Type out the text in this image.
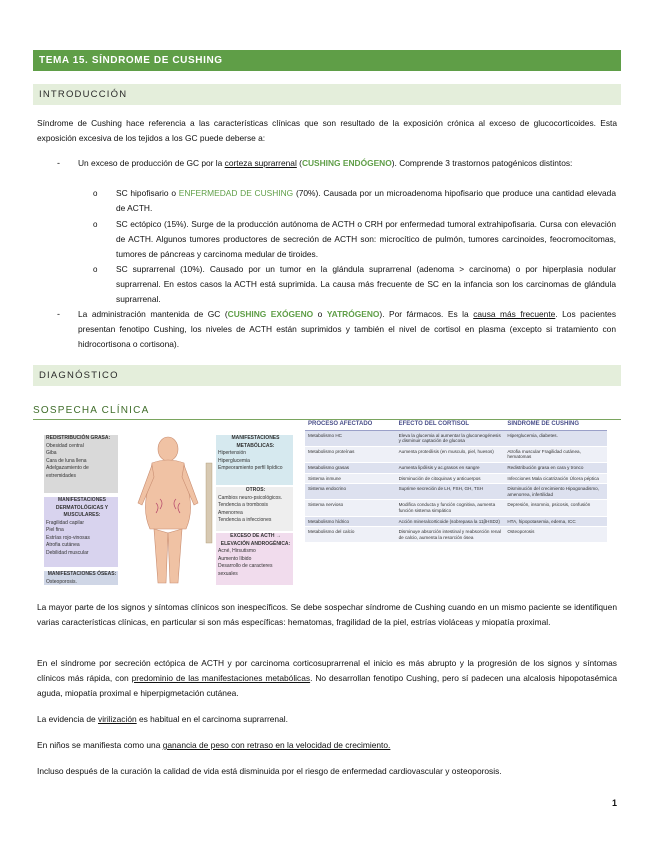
TEMA 15. SÍNDROME DE CUSHING
INTRODUCCIÓN

Síndrome de Cushing hace referencia a las características clínicas que son resultado de la exposición crónica al exceso de glucocorticoides. Esta exposición excesiva de los tejidos a los GC puede deberse a:

- Un exceso de producción de GC por la corteza suprarrenal (CUSHING ENDÓGENO). Comprende 3 trastornos patogénicos distintos:

o SC hipofisario o ENFERMEDAD DE CUSHING (70%). Causada por un microadenoma hipofisario que produce una cantidad elevada de ACTH.

o SC ectópico (15%). Surge de la producción autónoma de ACTH o CRH por enfermedad tumoral extrahipofisaria. Cursa con elevación de ACTH. Algunos tumores productores de secreción de ACTH son: microcítico de pulmón, tumores carcinoides, feocromocitomas, tumores de páncreas y carcinoma medular de tiroides.

o SC suprarrenal (10%). Causado por un tumor en la glándula suprarrenal (adenoma > carcinoma) o por hiperplasia nodular suprarrenal. En estos casos la ACTH está suprimida. La causa más frecuente de SC en la infancia son los carcinomas de glándula suprarrenal.

- La administración mantenida de GC (CUSHING EXÓGENO o YATRÓGENO). Por fármacos. Es la causa más frecuente. Los pacientes presentan fenotipo Cushing, los niveles de ACTH están suprimidos y también el nivel de cortisol en plasma (excepto si tratamiento con hidrocortisona o cortisona).

DIAGNÓSTICO
SOSPECHA CLÍNICA
REDISTRIBUCIÓN GRASA:
Obesidad central
Giba
Cara de luna llena
Adelgazamiento de extremidades
MANIFESTACIONES DERMATOLÓGICAS Y MUSCULARES:
Fragilidad capilar
Piel fina
Estrías rojo-vinosas
Atrofia cutánea
Debilidad muscular
MANIFESTACIONES ÓSEAS:
Osteoporosis.
MANIFESTACIONES METABÓLICAS:
Hipertensión
Hiperglucemia
Empeoramiento perfil lipídico
OTROS:
Cambios neuro-psicológicos.
Tendencia a trombosis
Amenorrea
Tendencia a infecciones
EXCESO DE ACTH → ELEVACIÓN ANDROGÉNICA:
Acné, Hirsutismo
Aumento líbido
Desarrollo de caracteres sexuales
PROCESO AFECTADO	EFECTO DEL CORTISOL	SINDROME DE CUSHING
Metabolismo HC	Eleva la glucemia al aumentar la gluconeogénesis y disminuir captación de glucosa	Hiperglucemia, diabetes.
Metabolismo proteínas	Aumenta proteólisis (en musculo, piel, huesos)	Atrofia muscular Fragilidad cutánea, hematomas
Metabolismo grasas	Aumenta lipólisis y ac.grasos en sangre	Redistribución grasa en cara y tronco
Sistema inmune	Disminución de citoquinas y anticuerpos	Infecciones Mala cicatrización Úlcera péptica
Sistema endocrino	Suprime secreción de LH, FSH, GH, TSH	Disminución del crecimiento Hipogonadismo, amenorrea, infertilidad
Sistema nervioso	Modifica conducta y función cognitiva, aumenta función sistema simpático	Depresión, insomnio, psicosis, confusión
Metabolismo hídrico	Acción mineralcorticoide (sobrepasa la 11βHSD2)	HTA, hipopotasemia, edema, ICC
Metabolismo del calcio	Disminuye absorción intestinal y reabsorción renal de calcio, aumenta la resorción ósea	Osteoporosis

La mayor parte de los signos y síntomas clínicos son inespecíficos. Se debe sospechar síndrome de Cushing cuando en un mismo paciente se identifiquen varias características clínicas, en particular si son más específicas: hematomas, fragilidad de la piel, estrías violáceas y miopatía proximal.

En el síndrome por secreción ectópica de ACTH y por carcinoma corticosuprarrenal el inicio es más abrupto y la progresión de los signos y síntomas clínicos más rápida, con predominio de las manifestaciones metabólicas. No desarrollan fenotipo Cushing, pero sí padecen una alcalosis hipopotasémica aguda, miopatía proximal e hiperpigmetación cutánea.

La evidencia de virilización es habitual en el carcinoma suprarrenal.

En niños se manifiesta como una ganancia de peso con retraso en la velocidad de crecimiento.

Incluso después de la curación la calidad de vida está disminuida por el riesgo de enfermedad cardiovascular y osteoporosis.

1
